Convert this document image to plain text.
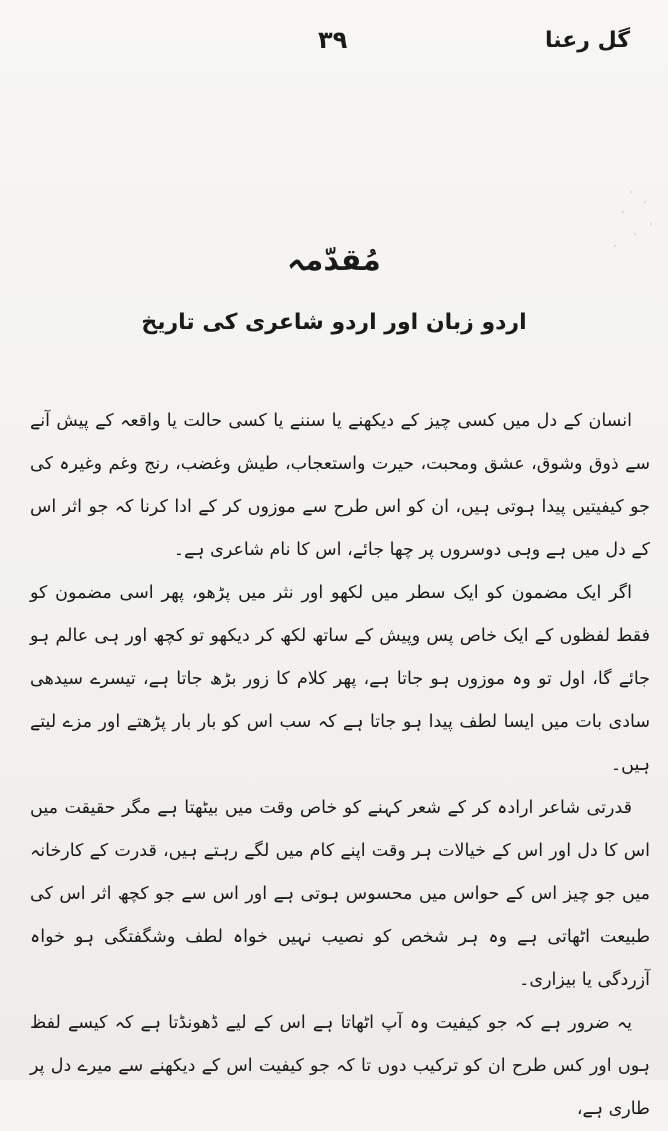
گل رعنا
۳۹
مُقدّمہ
اردو زبان اور اردو شاعری کی تاریخ

انسان کے دل میں کسی چیز کے دیکھنے یا سننے یا کسی حالت یا واقعہ کے پیش آنے سے ذوق وشوق، عشق ومحبت، حیرت واستعجاب، طیش وغضب، رنج وغم وغیرہ کی جو کیفیتیں پیدا ہوتی ہیں، ان کو اس طرح سے موزوں کر کے ادا کرنا کہ جو اثر اس کے دل میں ہے وہی دوسروں پر چھا جائے، اس کا نام شاعری ہے۔

اگر ایک مضمون کو ایک سطر میں لکھو اور نثر میں پڑھو، پھر اسی مضمون کو فقط لفظوں کے ایک خاص پس وپیش کے ساتھ لکھ کر دیکھو تو کچھ اور ہی عالم ہو جائے گا، اول تو وہ موزوں ہو جاتا ہے، پھر کلام کا زور بڑھ جاتا ہے، تیسرے سیدھی سادی بات میں ایسا لطف پیدا ہو جاتا ہے کہ سب اس کو بار بار پڑھتے اور مزے لیتے ہیں۔

قدرتی شاعر ارادہ کر کے شعر کہنے کو خاص وقت میں بیٹھتا ہے مگر حقیقت میں اس کا دل اور اس کے خیالات ہر وقت اپنے کام میں لگے رہتے ہیں، قدرت کے کارخانہ میں جو چیز اس کے حواس میں محسوس ہوتی ہے اور اس سے جو کچھ اثر اس کی طبیعت اٹھاتی ہے وہ ہر شخص کو نصیب نہیں خواہ لطف وشگفتگی ہو خواہ آزردگی یا بیزاری۔

یہ ضرور ہے کہ جو کیفیت وہ آپ اٹھاتا ہے اس کے لیے ڈھونڈتا ہے کہ کیسے لفظ ہوں اور کس طرح ان کو ترکیب دوں تا کہ جو کیفیت اس کے دیکھنے سے میرے دل پر طاری ہے،
